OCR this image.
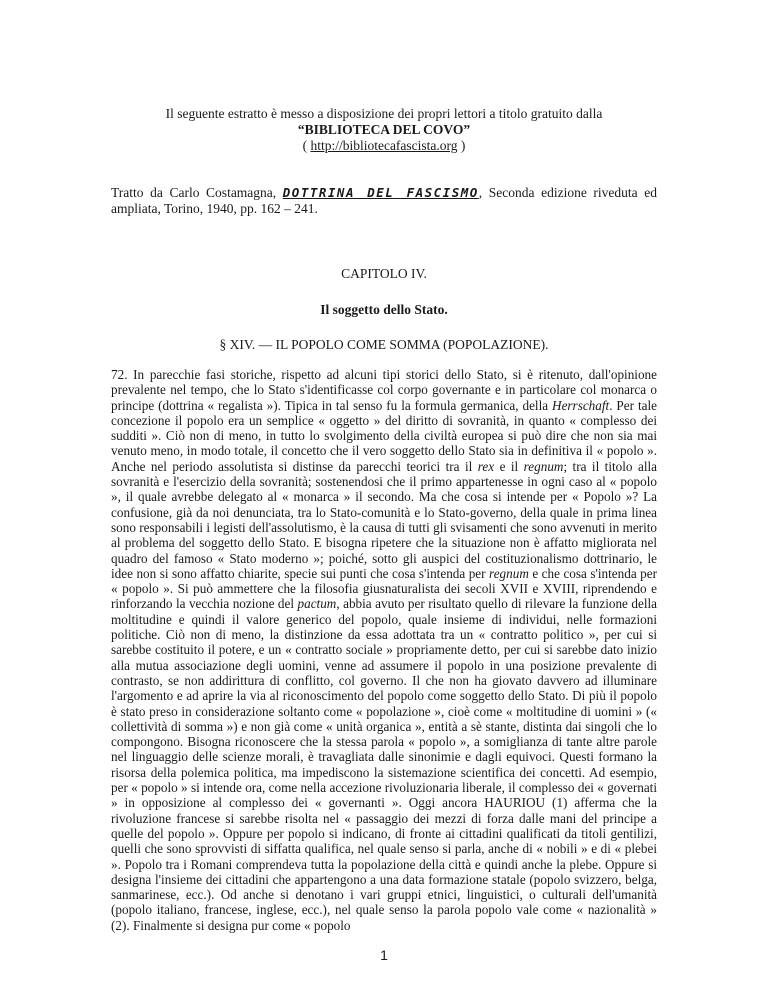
Il seguente estratto è messo a disposizione dei propri lettori a titolo gratuito dalla
“BIBLIOTECA DEL COVO”
( http://bibliotecafascista.org )
Tratto da Carlo Costamagna, DOTTRINA DEL FASCISMO, Seconda edizione riveduta ed ampliata, Torino, 1940, pp. 162 – 241.
CAPITOLO IV.
Il soggetto dello Stato.
§ XIV. — IL POPOLO COME SOMMA (POPOLAZIONE).
72. In parecchie fasi storiche, rispetto ad alcuni tipi storici dello Stato, si è ritenuto, dall'opinione prevalente nel tempo, che lo Stato s'identificasse col corpo governante e in particolare col monarca o principe (dottrina « regalista »). Tipica in tal senso fu la formula germanica, della Herrschaft. Per tale concezione il popolo era un semplice « oggetto » del diritto di sovranità, in quanto « complesso dei sudditi ». Ciò non di meno, in tutto lo svolgimento della civiltà europea si può dire che non sia mai venuto meno, in modo totale, il concetto che il vero soggetto dello Stato sia in definitiva il « popolo ». Anche nel periodo assolutista si distinse da parecchi teorici tra il rex e il regnum; tra il titolo alla sovranità e l'esercizio della sovranità; sostenendosi che il primo appartenesse in ogni caso al « popolo », il quale avrebbe delegato al « monarca » il secondo. Ma che cosa si intende per « Popolo »? La confusione, già da noi denunciata, tra lo Stato-comunità e lo Stato-governo, della quale in prima linea sono responsabili i legisti dell'assolutismo, è la causa di tutti gli svisamenti che sono avvenuti in merito al problema del soggetto dello Stato. E bisogna ripetere che la situazione non è affatto migliorata nel quadro del famoso « Stato moderno »; poiché, sotto gli auspici del costituzionalismo dottrinario, le idee non si sono affatto chiarite, specie sui punti che cosa s'intenda per regnum e che cosa s'intenda per « popolo ». Si può ammettere che la filosofia giusnaturalista dei secoli XVII e XVIII, riprendendo e rinforzando la vecchia nozione del pactum, abbia avuto per risultato quello di rilevare la funzione della moltitudine e quindi il valore generico del popolo, quale insieme di individui, nelle formazioni politiche. Ciò non di meno, la distinzione da essa adottata tra un « contratto politico », per cui si sarebbe costituito il potere, e un « contratto sociale » propriamente detto, per cui si sarebbe dato inizio alla mutua associazione degli uomini, venne ad assumere il popolo in una posizione prevalente di contrasto, se non addirittura di conflitto, col governo. Il che non ha giovato davvero ad illuminare l'argomento e ad aprire la via al riconoscimento del popolo come soggetto dello Stato. Di più il popolo è stato preso in considerazione soltanto come « popolazione », cioè come « moltitudine di uomini » (« collettività di somma ») e non già come « unità organica », entità a sè stante, distinta dai singoli che lo compongono. Bisogna riconoscere che la stessa parola « popolo », a somiglianza di tante altre parole nel linguaggio delle scienze morali, è travagliata dalle sinonimie e dagli equivoci. Questi formano la risorsa della polemica politica, ma impediscono la sistemazione scientifica dei concetti. Ad esempio, per « popolo » si intende ora, come nella accezione rivoluzionaria liberale, il complesso dei « governati » in opposizione al complesso dei « governanti ». Oggi ancora HAURIOU (1) afferma che la rivoluzione francese si sarebbe risolta nel « passaggio dei mezzi di forza dalle mani del principe a quelle del popolo ». Oppure per popolo si indicano, di fronte ai cittadini qualificati da titoli gentilizi, quelli che sono sprovvisti di siffatta qualifica, nel quale senso si parla, anche di « nobili » e di « plebei ». Popolo tra i Romani comprendeva tutta la popolazione della città e quindi anche la plebe. Oppure si designa l'insieme dei cittadini che appartengono a una data formazione statale (popolo svizzero, belga, sanmarinese, ecc.). Od anche si denotano i vari gruppi etnici, linguistici, o culturali dell'umanità (popolo italiano, francese, inglese, ecc.), nel quale senso la parola popolo vale come « nazionalità » (2). Finalmente si designa pur come « popolo
1
